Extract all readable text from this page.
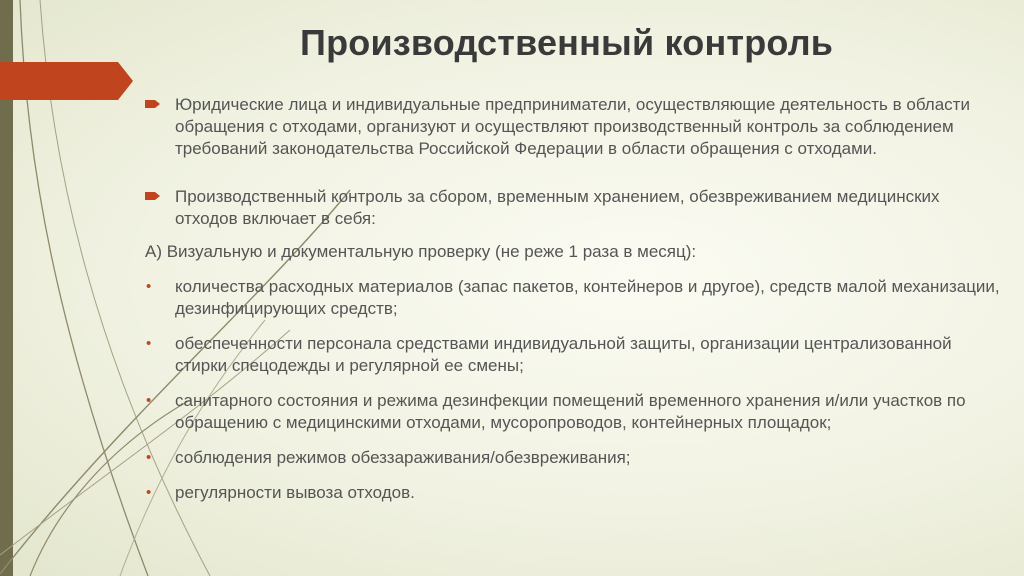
Производственный контроль
Юридические лица и индивидуальные предприниматели, осуществляющие деятельность в области обращения с отходами, организуют и осуществляют производственный контроль за соблюдением требований законодательства Российской Федерации в области обращения с отходами.
Производственный контроль за сбором, временным хранением, обезвреживанием медицинских отходов включает в себя:
А) Визуальную и документальную проверку (не реже 1 раза в месяц):
• количества расходных материалов (запас пакетов, контейнеров и другое), средств малой механизации, дезинфицирующих средств;
• обеспеченности персонала средствами индивидуальной защиты, организации централизованной стирки спецодежды и регулярной ее смены;
• санитарного состояния и режима дезинфекции помещений временного хранения и/или участков по обращению с медицинскими отходами, мусоропроводов, контейнерных площадок;
• соблюдения режимов обеззараживания/обезвреживания;
• регулярности вывоза отходов.
